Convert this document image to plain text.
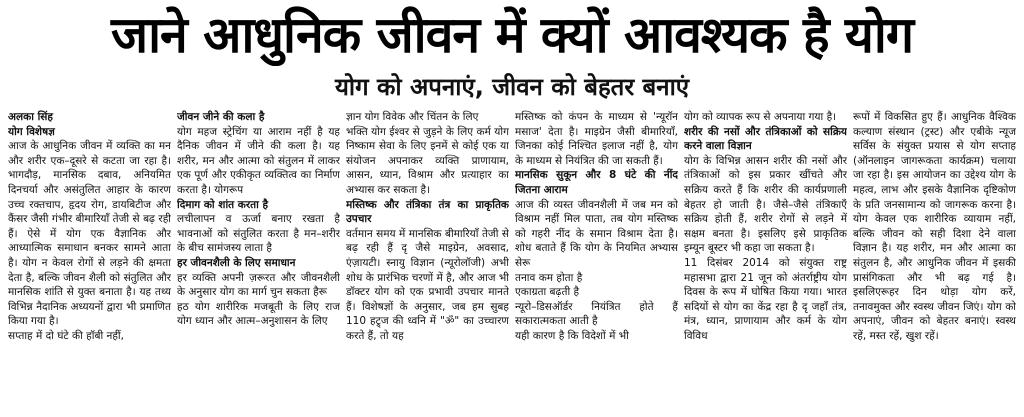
जाने आधुनिक जीवन में क्यों आवश्यक है योग
योग को अपनाएं, जीवन को बेहतर बनाएं

अलका सिंह

योग विशेषज्ञ

आज के आधुनिक जीवन में व्यक्ति का मन और शरीर एक–दूसरे से कटता जा रहा है। भागदौड़, मानसिक दबाव, अनियमित दिनचर्या और असंतुलित आहार के कारण उच्च रक्तचाप, हृदय रोग, डायबिटीज और कैंसर जैसी गंभीर बीमारियाँ तेजी से बढ़ रही हैं। ऐसे में योग एक वैज्ञानिक और आध्यात्मिक समाधान बनकर सामने आता है। योग न केवल रोगों से लड़ने की क्षमता देता है, बल्कि जीवन शैली को संतुलित और मानसिक शांति से युक्त बनाता है। यह तथ्य विभिन्न नैदानिक अध्ययनों द्वारा भी प्रमाणित किया गया है।

सप्ताह में दो घंटे की हॉबी नहीं,

जीवन जीने की कला है

योग महज स्ट्रेचिंग या आराम नहीं है यह दैनिक जीवन में जीने की कला है। यह शरीर, मन और आत्मा को संतुलन में लाकर एक पूर्ण और एकीकृत व्यक्तित्व का निर्माण करता है। योगरूप

दिमाग को शांत करता है

लचीलापन व ऊर्जा बनाए रखता है भावनाओं को संतुलित करता है मन–शरीर के बीच सामंजस्य लाता है

हर जीवनशैली के लिए समाधान

हर व्यक्ति अपनी ज़रूरत और जीवनशैली के अनुसार योग का मार्ग चुन सकता हैरू

हठ योग शारीरिक मजबूती के लिए राज योग ध्यान और आत्म–अनुशासन के लिए

ज्ञान योग विवेक और चिंतन के लिए

भक्ति योग ईश्वर से जुड़ने के लिए कर्म योग निष्काम सेवा के लिए इनमें से कोई एक या संयोजन अपनाकर व्यक्ति प्राणायाम, आसन, ध्यान, विश्राम और प्रत्याहार का अभ्यास कर सकता है।

मस्तिष्क और तंत्रिका तंत्र का प्राकृतिक उपचार

वर्तमान समय में मानसिक बीमारियाँ तेजी से बढ़ रही हैं दृ जैसे माइग्रेन, अवसाद, एंज़ायटी। स्नायु विज्ञान (न्यूरोलॉजी) अभी शोध के प्रारंभिक चरणों में है, और आज भी डॉक्टर योग को एक प्रभावी उपचार मानते हैं। विशेषज्ञों के अनुसार, जब हम सुबह 110 हट्र्ज की ध्वनि में "ॐ" का उच्चारण करते हैं, तो यह

मस्तिष्क को कंपन के माध्यम से 'न्यूरॉन मसाज' देता है। माइग्रेन जैसी बीमारियाँ, जिनका कोई निश्चित इलाज नहीं है, योग के माध्यम से नियंत्रित की जा सकती हैं।

मानसिक सुकून और 8 घंटे की नींद जितना आराम

आज की व्यस्त जीवनशैली में जब मन को विश्राम नहीं मिल पाता, तब योग मस्तिष्क को गहरी नींद के समान विश्राम देता है। शोध बताते हैं कि योग के नियमित अभ्यास सेरू

तनाव कम होता है

एकाग्रता बढ़ती है

न्यूरो–डिसऑर्डर नियंत्रित होते हैं सकारात्मकता आती है

यही कारण है कि विदेशों में भी

योग को व्यापक रूप से अपनाया गया है।

शरीर की नसों और तंत्रिकाओं को सक्रिय करने वाला विज्ञान

योग के विभिन्न आसन शरीर की नसों और तंत्रिकाओं को इस प्रकार खींचते और सक्रिय करते हैं कि शरीर की कार्यप्रणाली बेहतर हो जाती है। जैसे–जैसे तंत्रिकाएँ सक्रिय होती हैं, शरीर रोगों से लड़ने में सक्षम बनता है। इसलिए इसे प्राकृतिक इम्यून बूस्टर भी कहा जा सकता है।

11 दिसंबर 2014 को संयुक्त राष्ट्र महासभा द्वारा 21 जून को अंतर्राष्ट्रीय योग दिवस के रूप में घोषित किया गया। भारत सदियों से योग का केंद्र रहा है दृ जहाँ तंत्र, मंत्र, ध्यान, प्राणायाम और कर्म के योग विविध

रूपों में विकसित हुए हैं। आधुनिक वैश्विक कल्याण संस्थान (ट्रस्ट) और एबीके न्यूज सर्विस के संयुक्त प्रयास से योग सप्ताह (ऑनलाइन जागरूकता कार्यक्रम) चलाया जा रहा है। इस आयोजन का उद्देश्य योग के महत्व, लाभ और इसके वैज्ञानिक दृष्टिकोण के प्रति जनसामान्य को जागरूक करना है। योग केवल एक शारीरिक व्यायाम नहीं, बल्कि जीवन को सही दिशा देने वाला विज्ञान है। यह शरीर, मन और आत्मा का संतुलन है, और आधुनिक जीवन में इसकी प्रासंगिकता और भी बढ़ गई है। इसलिएरूहर दिन थोड़ा योग करें, तनावमुक्त और स्वस्थ जीवन जिएं। योग को अपनाएं, जीवन को बेहतर बनाएं। स्वस्थ रहें, मस्त रहें, खुश रहें।
